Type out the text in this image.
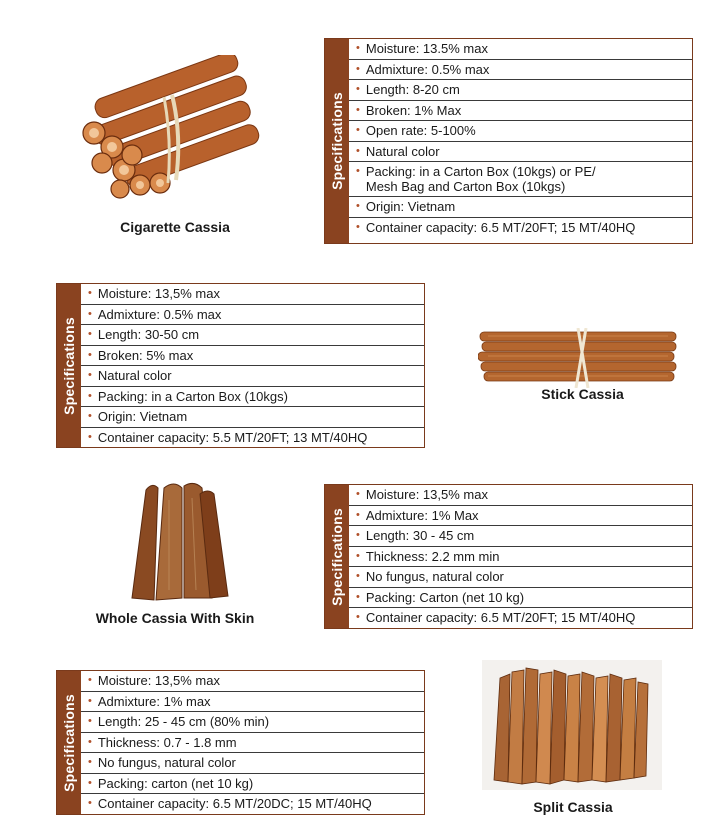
Cigarette Cassia
Specifications
• Moisture: 13.5% max
• Admixture: 0.5% max
• Length: 8-20 cm
• Broken: 1% Max
• Open rate: 5-100%
• Natural color
• Packing: in a Carton Box (10kgs) or PE/
Mesh Bag and Carton Box (10kgs)
• Origin: Vietnam
• Container capacity: 6.5 MT/20FT; 15 MT/40HQ
Specifications
• Moisture: 13,5% max
• Admixture: 0.5% max
• Length: 30-50 cm
• Broken: 5% max
• Natural color
• Packing: in a Carton Box (10kgs)
• Origin: Vietnam
• Container capacity: 5.5 MT/20FT; 13 MT/40HQ
Stick Cassia
Whole Cassia With Skin
Specifications
• Moisture: 13,5% max
• Admixture: 1% Max
• Length: 30 - 45 cm
• Thickness: 2.2 mm min
• No fungus, natural color
• Packing: Carton (net 10 kg)
• Container capacity: 6.5 MT/20FT; 15 MT/40HQ
Specifications
• Moisture: 13,5% max
• Admixture: 1% max
• Length: 25 - 45 cm (80% min)
• Thickness: 0.7 - 1.8 mm
• No fungus, natural color
• Packing: carton (net 10 kg)
• Container capacity: 6.5 MT/20DC; 15 MT/40HQ	Split Cassia
